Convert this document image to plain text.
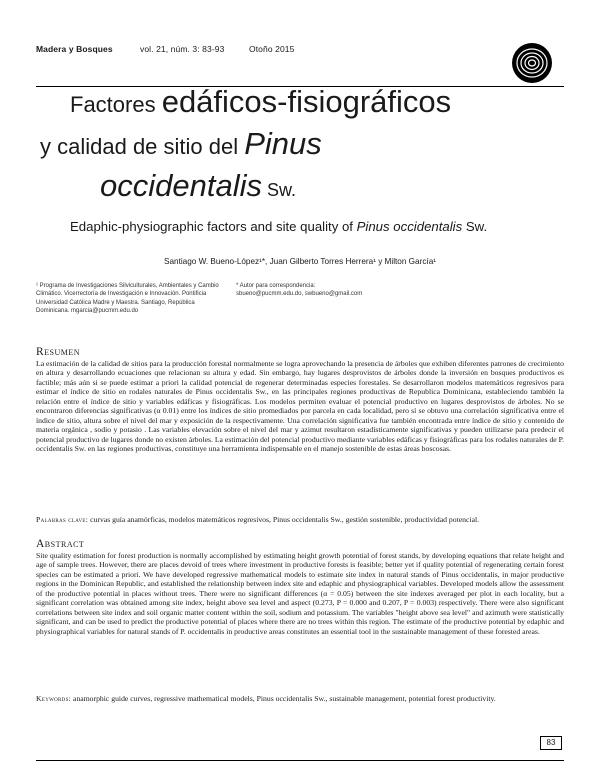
Madera y Bosques	vol. 21, núm. 3: 83-93	Otoño 2015
Factores edáficos-fisiográficos
y calidad de sitio del Pinus
occidentalis Sw.
Edaphic-physiographic factors and site quality of Pinus occidentalis Sw.
Santiago W. Bueno-López¹*, Juan Gilberto Torres Herrera¹ y Milton García¹
¹ Programa de Investigaciones Silviculturales, Ambientales y Cambio Climático. Vicerrectoría de Investigación e Innovación. Pontificia Universidad Católica Madre y Maestra. Santiago, República Dominicana. mgarcia@pucmm.edu.do
* Autor para correspondencia: sbueno@pucmm.edu.do, swbueno@gmail.com
Resumen
La estimación de la calidad de sitios para la producción forestal normalmente se logra aprovechando la presencia de árboles que exhiben diferentes patrones de crecimiento en altura y desarrollando ecuaciones que relacionan su altura y edad. Sin embargo, hay lugares desprovistos de árboles donde la inversión en bosques productivos es factible; más aún si se puede estimar a priori la calidad potencial de regenerar determinadas especies forestales. Se desarrollaron modelos matemáticos regresivos para estimar el índice de sitio en rodales naturales de Pinus occidentalis Sw., en las principales regiones productivas de Republica Dominicana, estableciendo también la relación entre el índice de sitio y variables edáficas y fisiográficas. Los modelos permiten evaluar el potencial productivo en lugares desprovistos de árboles. No se encontraron diferencias significativas (α 0.01) entre los índices de sitio promediados por parcela en cada localidad, pero sí se obtuvo una correlación significativa entre el índice de sitio, altura sobre el nivel del mar y exposición de la respectivamente. Una correlación significativa fue también encontrada entre índice de sitio y contenido de materia orgánica , sodio y potasio . Las variables elevación sobre el nivel del mar y azimut resultaron estadísticamente significativas y pueden utilizarse para predecir el potencial productivo de lugares donde no existen árboles. La estimación del potencial productivo mediante variables edáficas y fisiográficas para los rodales naturales de P. occidentalis Sw. en las regiones productivas, constituye una herramienta indispensable en el manejo sostenible de estas áreas boscosas.
Palabras clave: curvas guía anamórficas, modelos matemáticos regresivos, Pinus occidentalis Sw., gestión sostenible, productividad potencial.
Abstract
Site quality estimation for forest production is normally accomplished by estimating height growth potential of forest stands, by developing equations that relate height and age of sample trees. However, there are places devoid of trees where investment in productive forests is feasible; better yet if quality potential of regenerating certain forest species can be estimated a priori. We have developed regressive mathematical models to estimate site index in natural stands of Pinus occidentalis, in major productive regions in the Dominican Republic, and established the relationship between index site and edaphic and physiographical variables. Developed models allow the assessment of the productive potential in places without trees. There were no significant differences (α = 0.05) between the site indexes averaged per plot in each locality, but a significant correlation was obtained among site index, height above sea level and aspect (0.273, P = 0.000 and 0.207, P = 0.003) respectively. There were also significant correlations between site index and soil organic matter content within the soil, sodium and potassium. The variables "height above sea level" and azimuth were statistically significant, and can be used to predict the productive potential of places where there are no trees within this region. The estimate of the productive potential by edaphic and physiographical variables for natural stands of P. occidentalis in productive areas constitutes an essential tool in the sustainable management of these forested areas.
Keywords: anamorphic guide curves, regressive mathematical models, Pinus occidentalis Sw., sustainable management, potential forest productivity.
83
